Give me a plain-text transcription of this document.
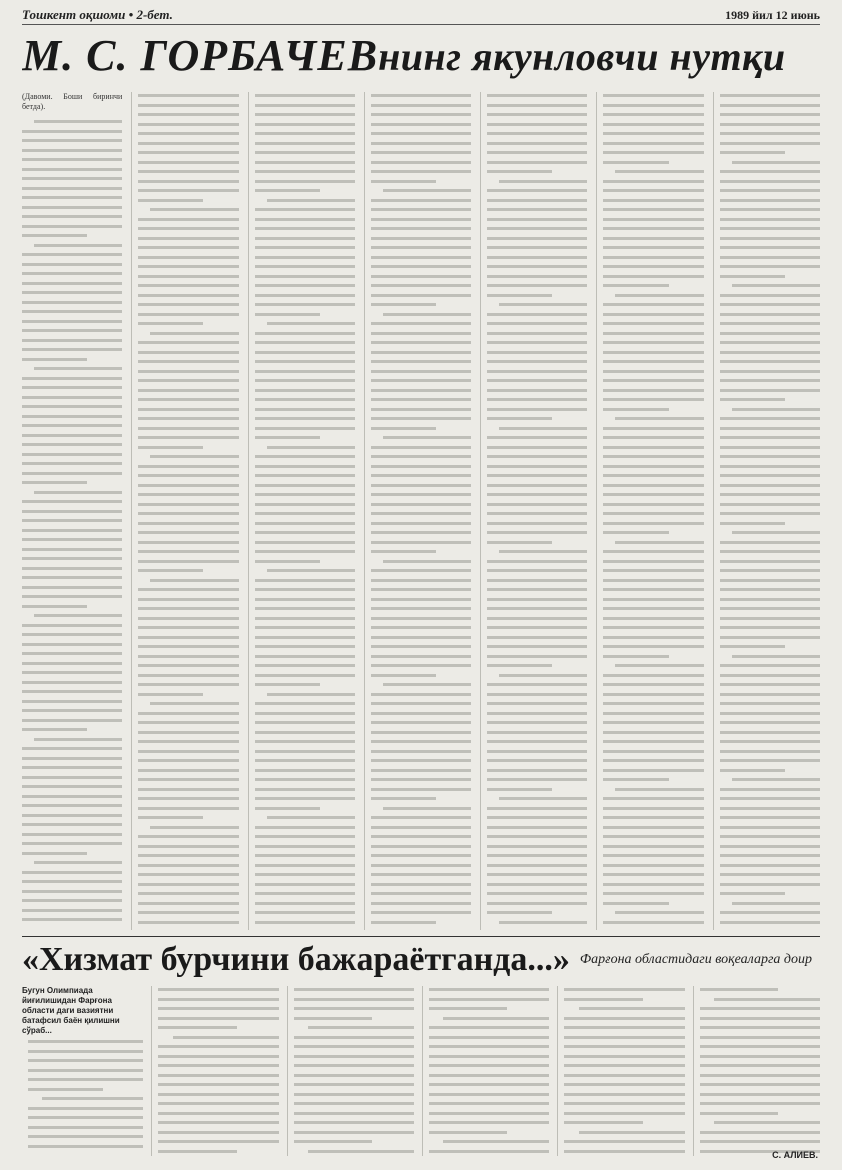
Тошкент оқшоми • 2-бет.	1989 йил 12 июнь
М. С. ГОРБАЧЕВнинг якунловчи нутқи
(Давоми. Боши биринчи бетда).
«Хизмат бурчини бажараётганда...» Фарғона областидаги воқеаларга доир
Бугун Олимпиада йиғилишидан Фарғона области даги вазиятни батафсил баён қилишни сўраб...
С. АЛИЕВ.
